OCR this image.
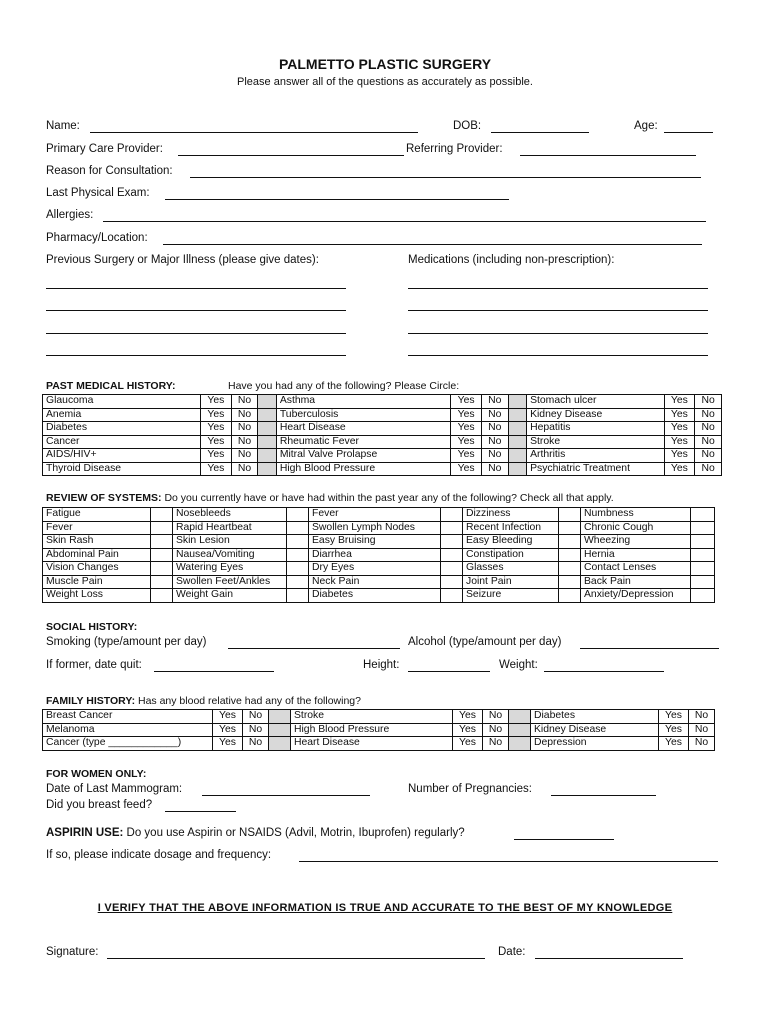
PALMETTO PLASTIC SURGERY
Please answer all of the questions as accurately as possible.
Name:	DOB:	Age:
Primary Care Provider:	Referring Provider:
Reason for Consultation:
Last Physical Exam:
Allergies:
Pharmacy/Location:
Previous Surgery or Major Illness (please give dates):	Medications (including non-prescription):
PAST MEDICAL HISTORY:	Have you had any of the following? Please Circle:
Glaucoma	Yes	No		Asthma	Yes	No		Stomach ulcer	Yes	No
Anemia	Yes	No		Tuberculosis	Yes	No		Kidney Disease	Yes	No
Diabetes	Yes	No		Heart Disease	Yes	No		Hepatitis	Yes	No
Cancer	Yes	No		Rheumatic Fever	Yes	No		Stroke	Yes	No
AIDS/HIV+	Yes	No		Mitral Valve Prolapse	Yes	No		Arthritis	Yes	No
Thyroid Disease	Yes	No		High Blood Pressure	Yes	No		Psychiatric Treatment	Yes	No
REVIEW OF SYSTEMS: Do you currently have or have had within the past year any of the following? Check all that apply.
Fatigue		Nosebleeds		Fever		Dizziness		Numbness	
Fever		Rapid Heartbeat		Swollen Lymph Nodes		Recent Infection		Chronic Cough	
Skin Rash		Skin Lesion		Easy Bruising		Easy Bleeding		Wheezing	
Abdominal Pain		Nausea/Vomiting		Diarrhea		Constipation		Hernia	
Vision Changes		Watering Eyes		Dry Eyes		Glasses		Contact Lenses	
Muscle Pain		Swollen Feet/Ankles		Neck Pain		Joint Pain		Back Pain	
Weight Loss		Weight Gain		Diabetes		Seizure		Anxiety/Depression	
SOCIAL HISTORY:
Smoking (type/amount per day)	Alcohol (type/amount per day)
If former, date quit:	Height:	Weight:
FAMILY HISTORY: Has any blood relative had any of the following?
Breast Cancer	Yes	No		Stroke	Yes	No		Diabetes	Yes	No
Melanoma	Yes	No		High Blood Pressure	Yes	No		Kidney Disease	Yes	No
Cancer (type ____________)	Yes	No		Heart Disease	Yes	No		Depression	Yes	No
FOR WOMEN ONLY:
Date of Last Mammogram:	Number of Pregnancies:
Did you breast feed?
ASPIRIN USE: Do you use Aspirin or NSAIDS (Advil, Motrin, Ibuprofen) regularly?
If so, please indicate dosage and frequency:
I VERIFY THAT THE ABOVE INFORMATION IS TRUE AND ACCURATE TO THE BEST OF MY KNOWLEDGE
Signature:	Date:
